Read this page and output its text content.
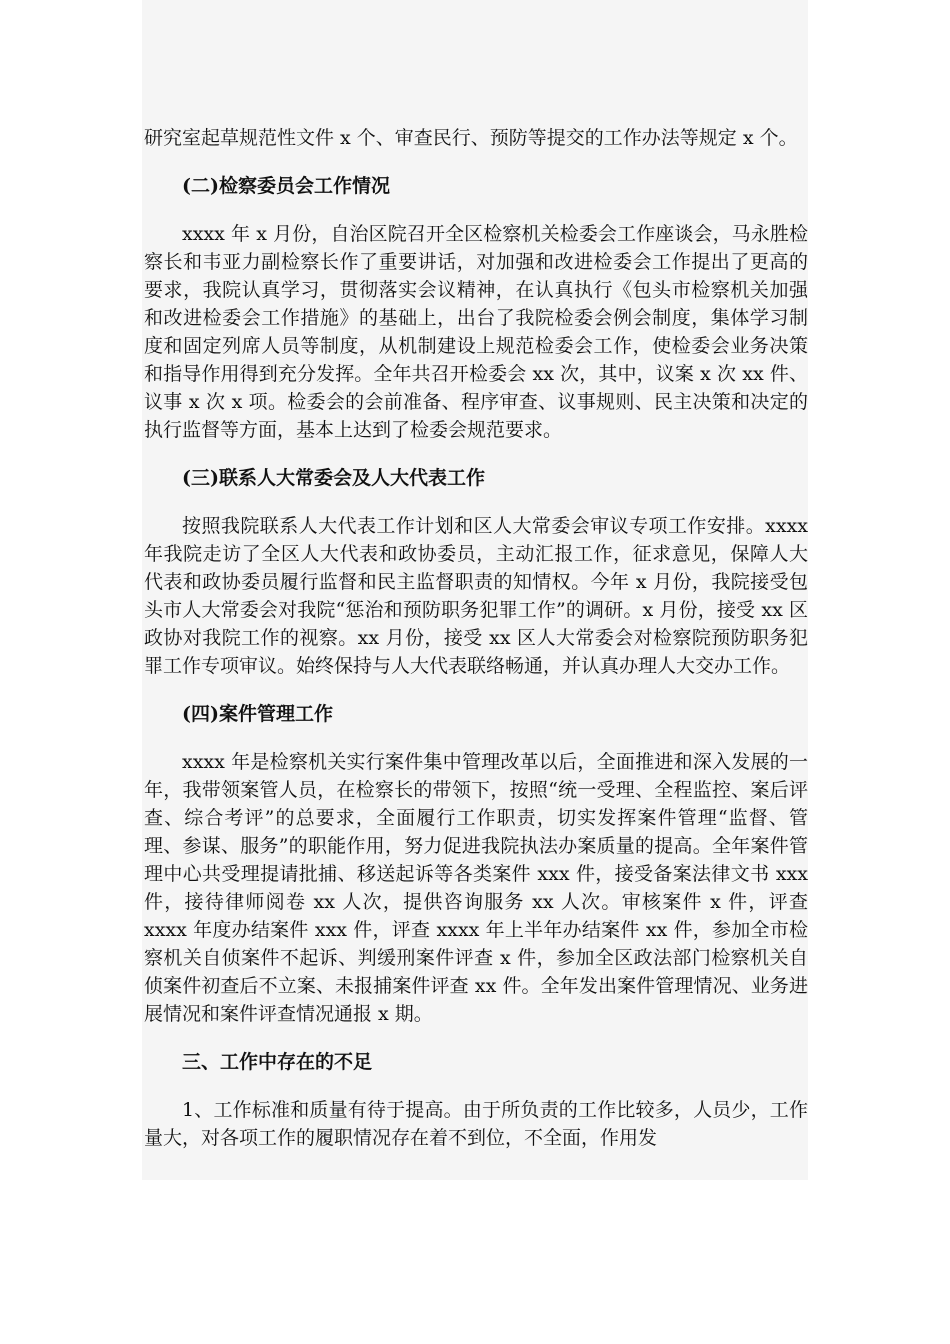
研究室起草规范性文件 x 个、审查民行、预防等提交的工作办法等规定 x 个。

(二)检察委员会工作情况

xxxx 年 x 月份，自治区院召开全区检察机关检委会工作座谈会，马永胜检察长和韦亚力副检察长作了重要讲话，对加强和改进检委会工作提出了更高的要求，我院认真学习，贯彻落实会议精神，在认真执行《包头市检察机关加强和改进检委会工作措施》的基础上，出台了我院检委会例会制度，集体学习制度和固定列席人员等制度，从机制建设上规范检委会工作，使检委会业务决策和指导作用得到充分发挥。全年共召开检委会 xx 次，其中，议案 x 次 xx 件、议事 x 次 x 项。检委会的会前准备、程序审查、议事规则、民主决策和决定的执行监督等方面，基本上达到了检委会规范要求。

(三)联系人大常委会及人大代表工作

按照我院联系人大代表工作计划和区人大常委会审议专项工作安排。xxxx 年我院走访了全区人大代表和政协委员，主动汇报工作，征求意见，保障人大代表和政协委员履行监督和民主监督职责的知情权。今年 x 月份，我院接受包头市人大常委会对我院“惩治和预防职务犯罪工作”的调研。x 月份，接受 xx 区政协对我院工作的视察。xx 月份，接受 xx 区人大常委会对检察院预防职务犯罪工作专项审议。始终保持与人大代表联络畅通，并认真办理人大交办工作。

(四)案件管理工作

xxxx 年是检察机关实行案件集中管理改革以后，全面推进和深入发展的一年，我带领案管人员，在检察长的带领下，按照“统一受理、全程监控、案后评查、综合考评”的总要求，全面履行工作职责，切实发挥案件管理“监督、管理、参谋、服务”的职能作用，努力促进我院执法办案质量的提高。全年案件管理中心共受理提请批捕、移送起诉等各类案件 xxx 件，接受备案法律文书 xxx 件，接待律师阅卷 xx 人次，提供咨询服务 xx 人次。审核案件 x 件，评查 xxxx 年度办结案件 xxx 件，评查 xxxx 年上半年办结案件 xx 件，参加全市检察机关自侦案件不起诉、判缓刑案件评查 x 件，参加全区政法部门检察机关自侦案件初查后不立案、未报捕案件评查 xx 件。全年发出案件管理情况、业务进展情况和案件评查情况通报 x 期。

三、工作中存在的不足

1、工作标准和质量有待于提高。由于所负责的工作比较多，人员少，工作量大，对各项工作的履职情况存在着不到位，不全面，作用发
